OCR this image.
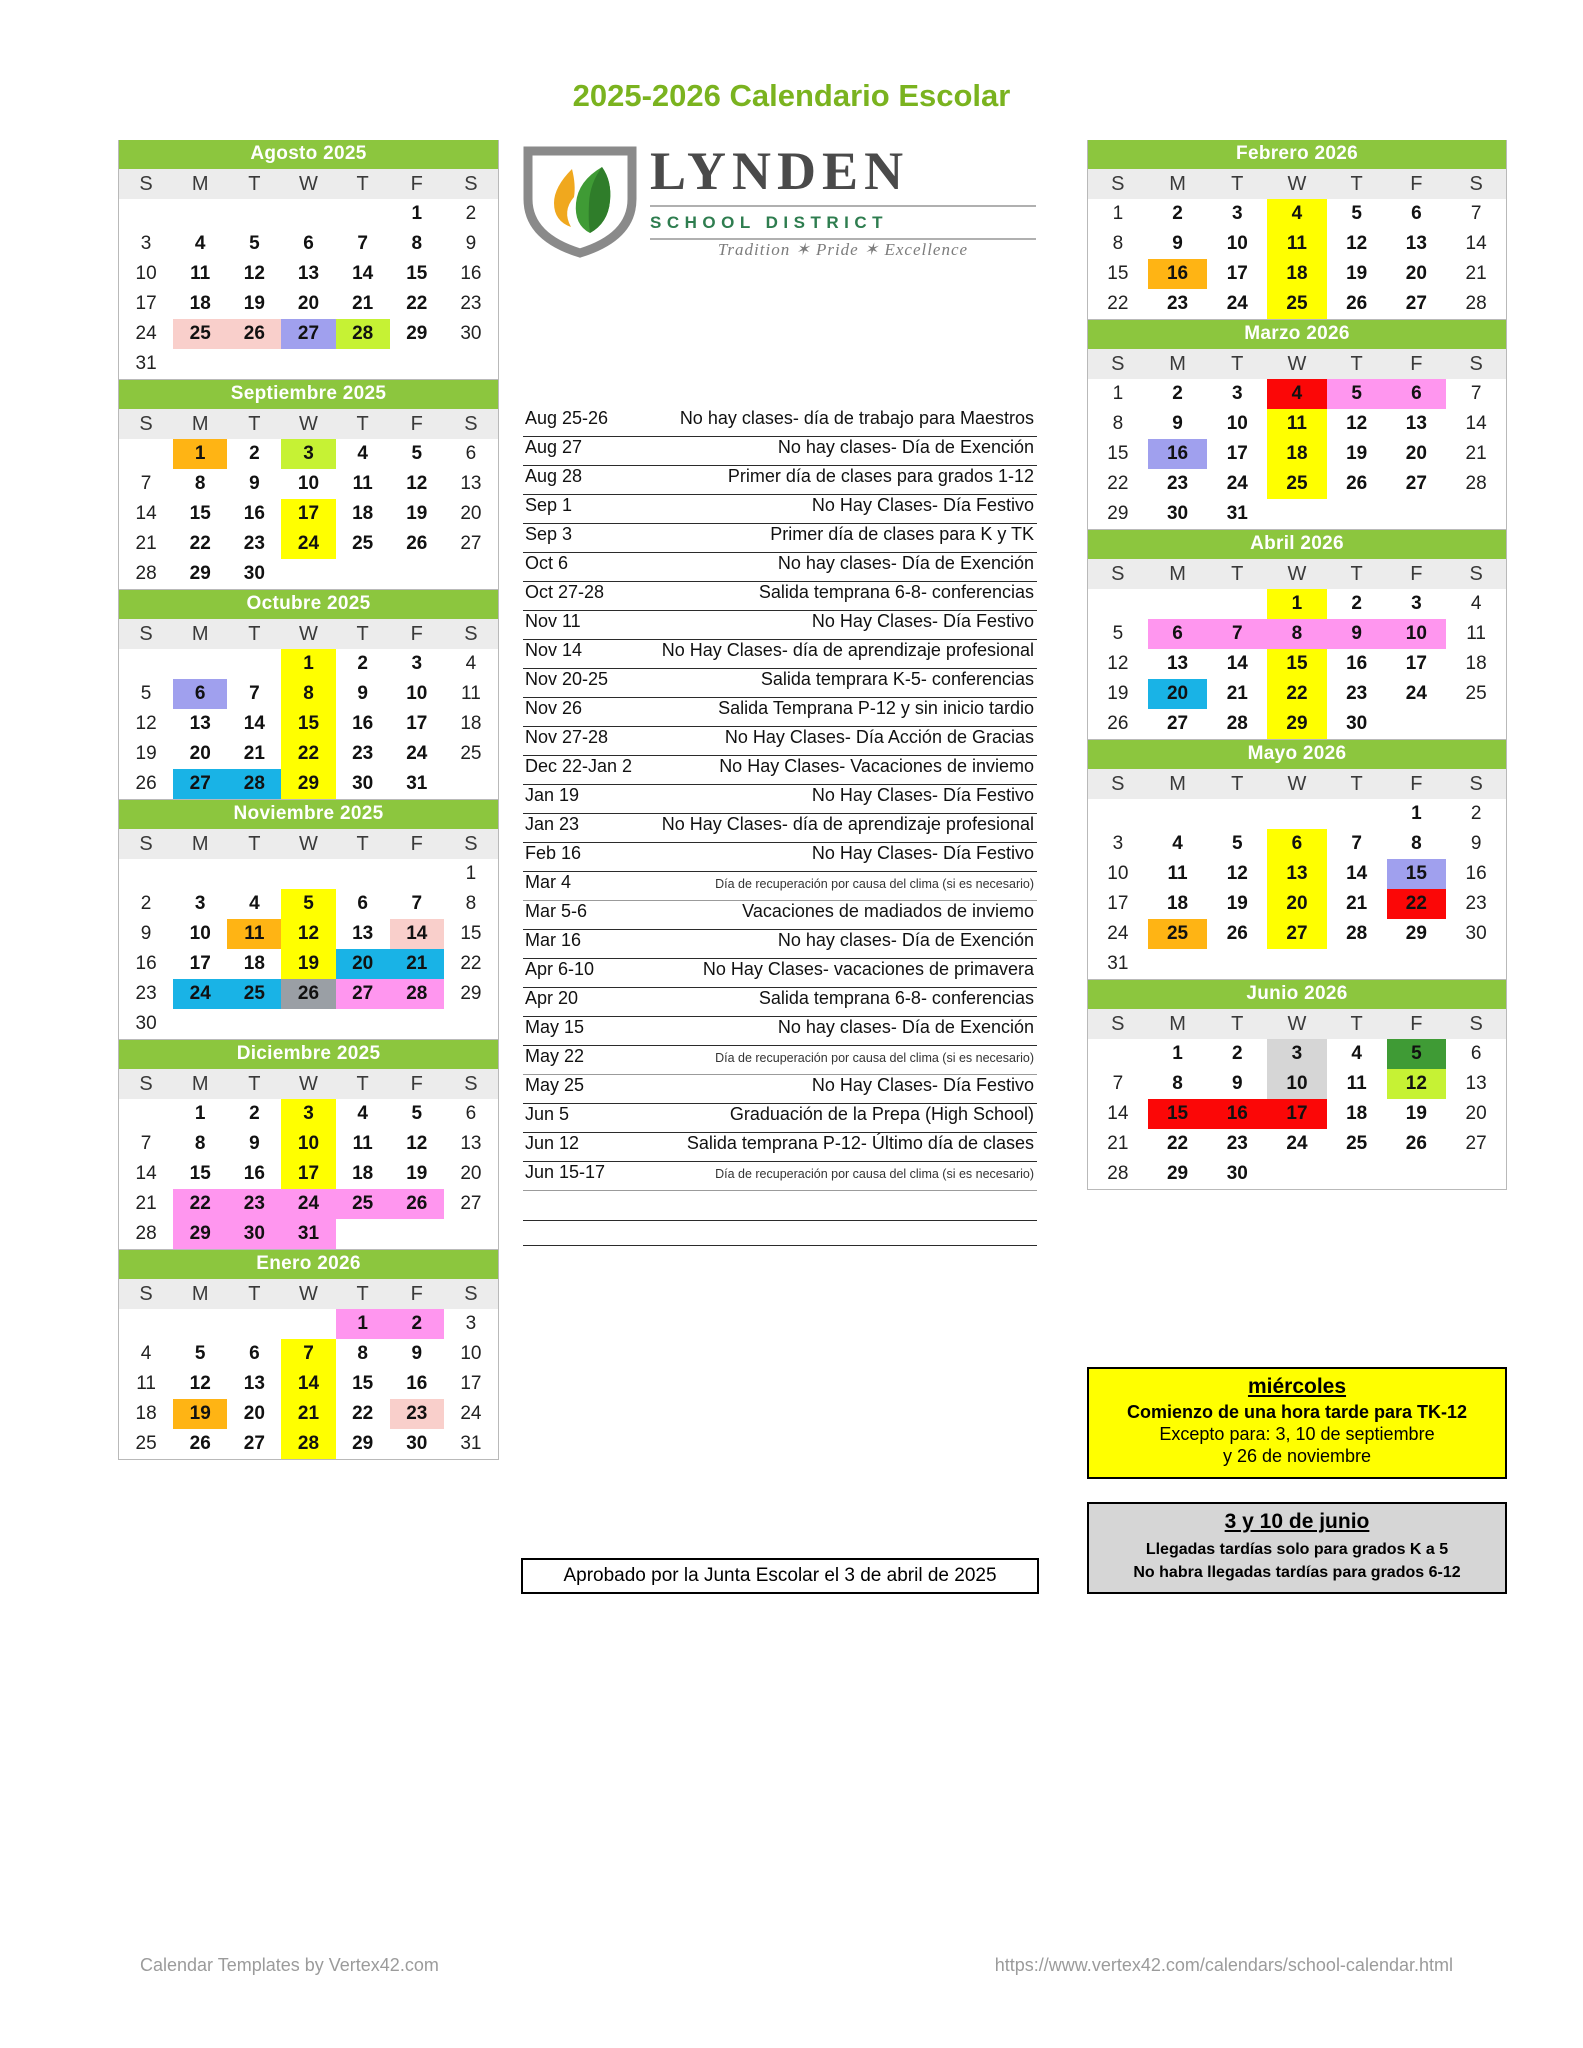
2025-2026 Calendario Escolar
Agosto 2025
S	M	T	W	T	F	S
					1	2
3	4	5	6	7	8	9
10	11	12	13	14	15	16
17	18	19	20	21	22	23
24	25	26	27	28	29	30
31						
Septiembre 2025
S	M	T	W	T	F	S
	1	2	3	4	5	6
7	8	9	10	11	12	13
14	15	16	17	18	19	20
21	22	23	24	25	26	27
28	29	30				
Octubre 2025
S	M	T	W	T	F	S
			1	2	3	4
5	6	7	8	9	10	11
12	13	14	15	16	17	18
19	20	21	22	23	24	25
26	27	28	29	30	31	
Noviembre 2025
S	M	T	W	T	F	S
						1
2	3	4	5	6	7	8
9	10	11	12	13	14	15
16	17	18	19	20	21	22
23	24	25	26	27	28	29
30						
Diciembre 2025
S	M	T	W	T	F	S
	1	2	3	4	5	6
7	8	9	10	11	12	13
14	15	16	17	18	19	20
21	22	23	24	25	26	27
28	29	30	31			
Enero 2026
S	M	T	W	T	F	S
				1	2	3
4	5	6	7	8	9	10
11	12	13	14	15	16	17
18	19	20	21	22	23	24
25	26	27	28	29	30	31
Febrero 2026
S	M	T	W	T	F	S
1	2	3	4	5	6	7
8	9	10	11	12	13	14
15	16	17	18	19	20	21
22	23	24	25	26	27	28
Marzo 2026
S	M	T	W	T	F	S
1	2	3	4	5	6	7
8	9	10	11	12	13	14
15	16	17	18	19	20	21
22	23	24	25	26	27	28
29	30	31				
Abril 2026
S	M	T	W	T	F	S
			1	2	3	4
5	6	7	8	9	10	11
12	13	14	15	16	17	18
19	20	21	22	23	24	25
26	27	28	29	30		
Mayo 2026
S	M	T	W	T	F	S
					1	2
3	4	5	6	7	8	9
10	11	12	13	14	15	16
17	18	19	20	21	22	23
24	25	26	27	28	29	30
31						
Junio 2026
S	M	T	W	T	F	S
	1	2	3	4	5	6
7	8	9	10	11	12	13
14	15	16	17	18	19	20
21	22	23	24	25	26	27
28	29	30				
LYNDEN
SCHOOL DISTRICT
Tradition ✶ Pride ✶ Excellence
Aug 25-26	No hay clases- día de trabajo para Maestros
Aug 27	No hay clases- Día de Exención
Aug 28	Primer día de clases para grados 1-12
Sep 1	No Hay Clases- Día Festivo
Sep 3	Primer día de clases para K y TK
Oct 6	No hay clases- Día de Exención
Oct 27-28	Salida temprana 6-8- conferencias
Nov 11	No Hay Clases- Día Festivo
Nov 14	No Hay Clases- día de aprendizaje profesional
Nov 20-25	Salida temprara K-5- conferencias
Nov 26	Salida Temprana P-12 y sin inicio tardio
Nov 27-28	No Hay Clases- Día Acción de Gracias
Dec 22-Jan 2	No Hay Clases- Vacaciones de inviemo
Jan 19	No Hay Clases- Día Festivo
Jan 23	No Hay Clases- día de aprendizaje profesional
Feb 16	No Hay Clases- Día Festivo
Mar 4	Día de recuperación por causa del clima (si es necesario)
Mar 5-6	Vacaciones de madiados de inviemo
Mar 16	No hay clases- Día de Exención
Apr 6-10	No Hay Clases- vacaciones de primavera
Apr 20	Salida temprana 6-8- conferencias
May 15	No hay clases- Día de Exención
May 22	Día de recuperación por causa del clima (si es necesario)
May 25	No Hay Clases- Día Festivo
Jun 5	Graduación de la Prepa (High School)
Jun 12	Salida temprana P-12- Último día de clases
Jun 15-17	Día de recuperación por causa del clima (si es necesario)
Aprobado por la Junta Escolar el 3 de abril de 2025
miércoles
Comienzo de una hora tarde para TK-12
Excepto para: 3, 10 de septiembre
y 26 de noviembre
3 y 10 de junio
Llegadas tardías solo para grados K a 5
No habra llegadas tardías para grados 6-12
Calendar Templates by Vertex42.com	https://www.vertex42.com/calendars/school-calendar.html
